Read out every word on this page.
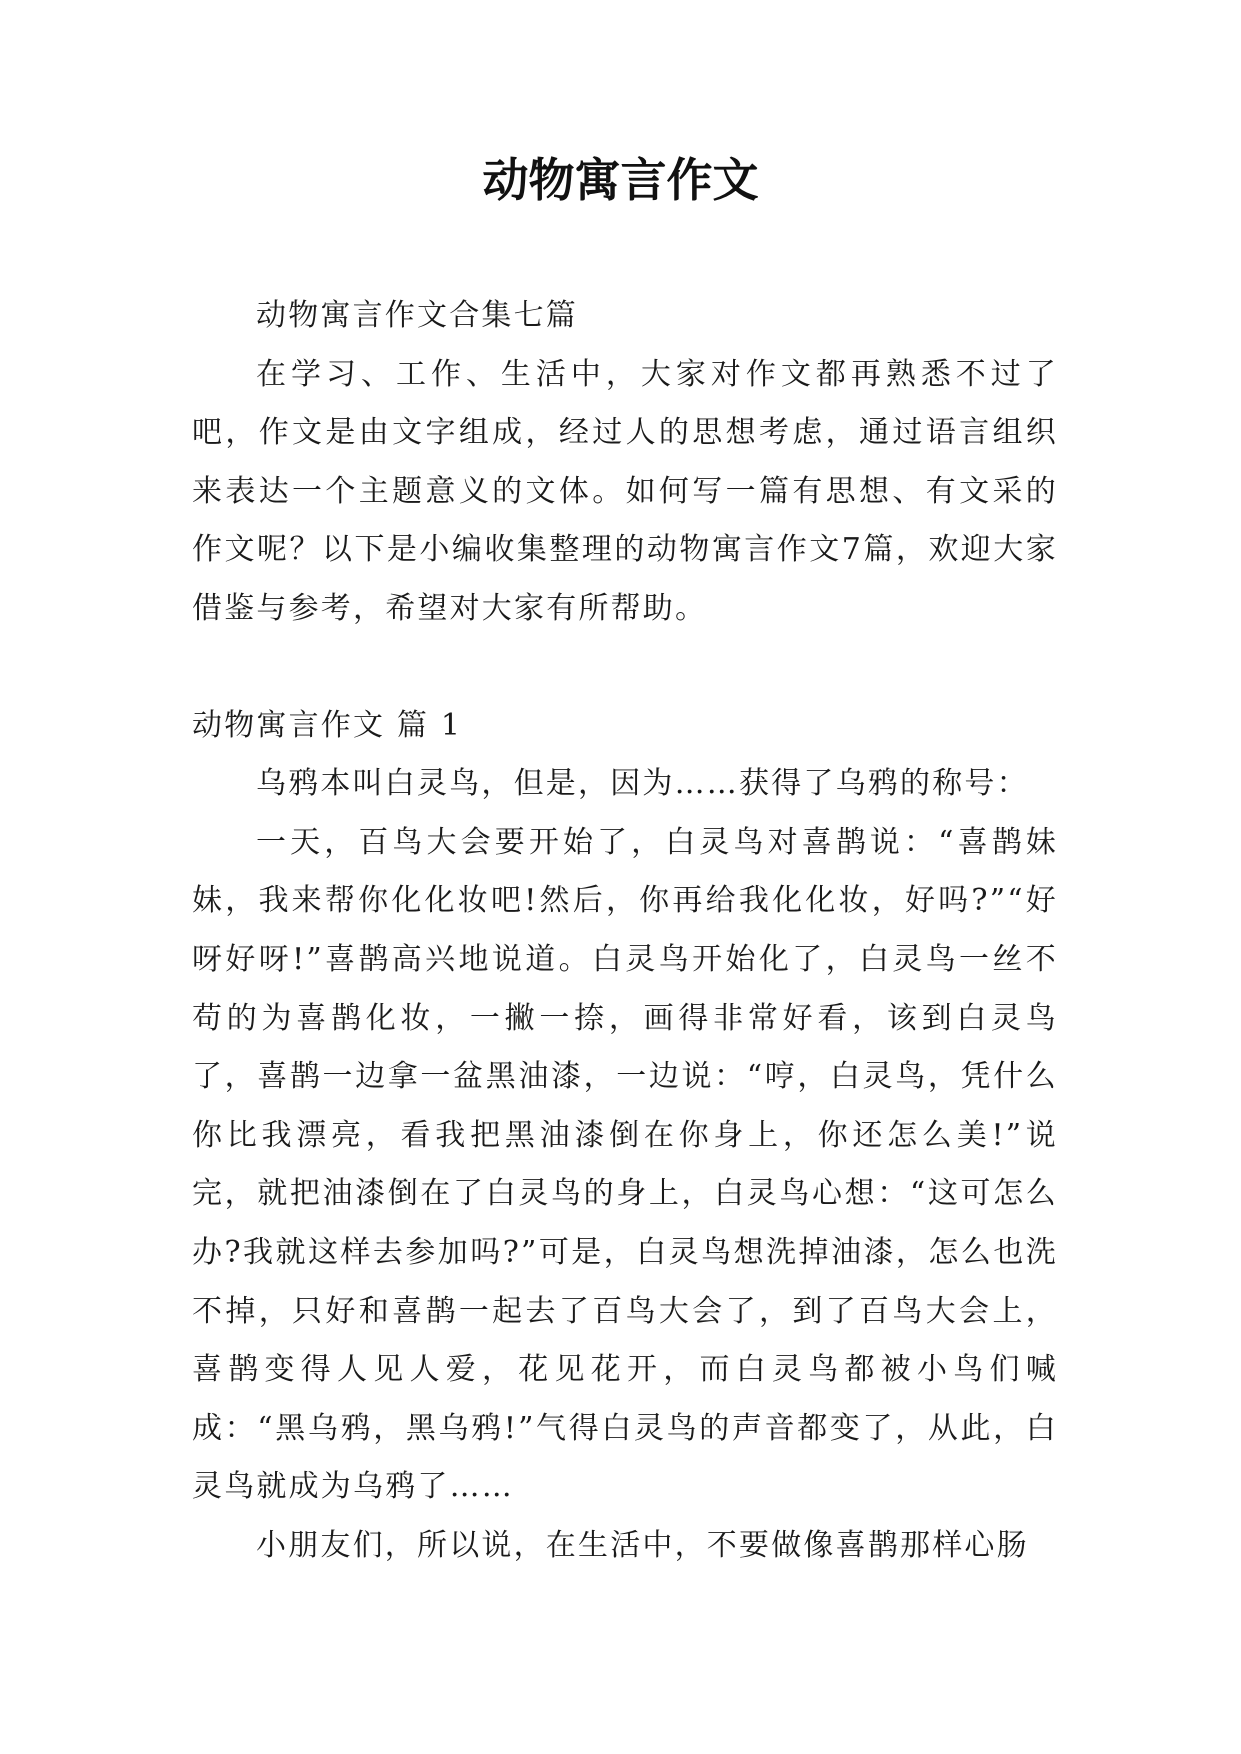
动物寓言作文

动物寓言作文合集七篇

在学习、工作、生活中，大家对作文都再熟悉不过了吧，作文是由文字组成，经过人的思想考虑，通过语言组织来表达一个主题意义的文体。如何写一篇有思想、有文采的作文呢？以下是小编收集整理的动物寓言作文7篇，欢迎大家借鉴与参考，希望对大家有所帮助。

动物寓言作文 篇 1

乌鸦本叫白灵鸟，但是，因为……获得了乌鸦的称号：

一天，百鸟大会要开始了，白灵鸟对喜鹊说：“喜鹊妹妹，我来帮你化化妆吧!然后，你再给我化化妆，好吗?”“好呀好呀!”喜鹊高兴地说道。白灵鸟开始化了，白灵鸟一丝不苟的为喜鹊化妆，一撇一捺，画得非常好看，该到白灵鸟了，喜鹊一边拿一盆黑油漆，一边说：“哼，白灵鸟，凭什么你比我漂亮，看我把黑油漆倒在你身上，你还怎么美!”说完，就把油漆倒在了白灵鸟的身上，白灵鸟心想：“这可怎么办?我就这样去参加吗?”可是，白灵鸟想洗掉油漆，怎么也洗不掉，只好和喜鹊一起去了百鸟大会了，到了百鸟大会上，喜鹊变得人见人爱，花见花开，而白灵鸟都被小鸟们喊成：“黑乌鸦，黑乌鸦!”气得白灵鸟的声音都变了，从此，白灵鸟就成为乌鸦了……

小朋友们，所以说，在生活中，不要做像喜鹊那样心肠
